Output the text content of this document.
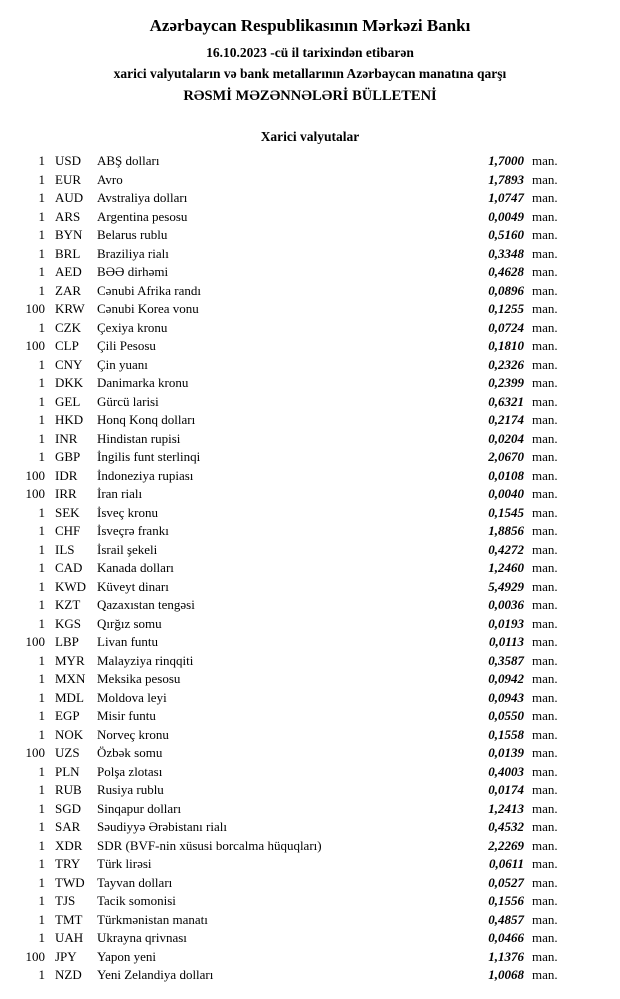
Azərbaycan Respublikasının Mərkəzi Bankı
16.10.2023 -cü il tarixindən etibarən
xarici valyutaların və bank metallarının Azərbaycan manatına qarşı
RƏSMİ MƏZƏNNƏLƏRİ BÜLLETENİ
Xarici valyutalar
1 USD	ABŞ dolları	1,7000 man.
1 EUR	Avro	1,7893 man.
1 AUD	Avstraliya dolları	1,0747 man.
1 ARS	Argentina pesosu	0,0049 man.
1 BYN	Belarus rublu	0,5160 man.
1 BRL	Braziliya rialı	0,3348 man.
1 AED	BƏƏ dirhəmi	0,4628 man.
1 ZAR	Cənubi Afrika randı	0,0896 man.
100 KRW Cənubi Korea vonu	0,1255 man.
1 CZK	Çexiya kronu	0,0724 man.
100 CLP	Çili Pesosu	0,1810 man.
1 CNY	Çin yuanı	0,2326 man.
1 DKK	Danimarka kronu	0,2399 man.
1 GEL	Gürcü larisi	0,6321 man.
1 HKD	Honq Konq dolları	0,2174 man.
1 INR	Hindistan rupisi	0,0204 man.
1 GBP	İngilis funt sterlinqi	2,0670 man.
100 IDR	İndoneziya rupiası	0,0108 man.
100 IRR	İran rialı	0,0040 man.
1 SEK	İsveç kronu	0,1545 man.
1 CHF	İsveçrə frankı	1,8856 man.
1 ILS	İsrail şekeli	0,4272 man.
1 CAD	Kanada dolları	1,2460 man.
1 KWD Küveyt dinarı	5,4929 man.
1 KZT	Qazaxıstan tengəsi	0,0036 man.
1 KGS	Qırğız somu	0,0193 man.
100 LBP	Livan funtu	0,0113 man.
1 MYR Malayziya rinqqiti	0,3587 man.
1 MXN Meksika pesosu	0,0942 man.
1 MDL	Moldova leyi	0,0943 man.
1 EGP	Misir funtu	0,0550 man.
1 NOK	Norveç kronu	0,1558 man.
100 UZS	Özbək somu	0,0139 man.
1 PLN	Polşa zlotası	0,4003 man.
1 RUB	Rusiya rublu	0,0174 man.
1 SGD	Sinqapur dolları	1,2413 man.
1 SAR	Səudiyyə Ərəbistanı rialı	0,4532 man.
1 XDR	SDR (BVF-nin xüsusi borcalma hüquqları)	2,2269 man.
1 TRY	Türk lirəsi	0,0611 man.
1 TWD Tayvan dolları	0,0527 man.
1 TJS	Tacik somonisi	0,1556 man.
1 TMT	Türkmənistan manatı	0,4857 man.
1 UAH	Ukrayna qrivnası	0,0466 man.
100 JPY	Yapon yeni	1,1376 man.
1 NZD	Yeni Zelandiya dolları	1,0068 man.
